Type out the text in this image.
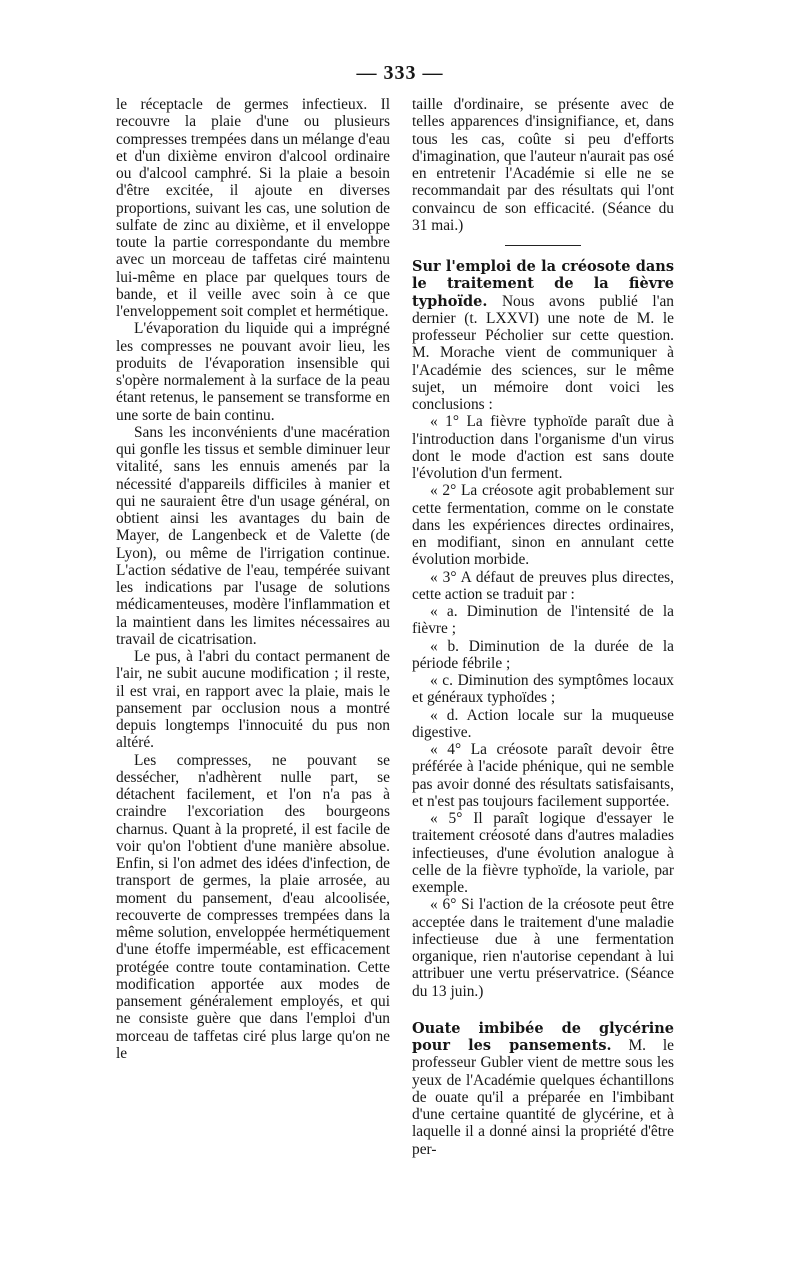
— 333 —

le réceptacle de germes infectieux. Il recouvre la plaie d'une ou plusieurs compresses trempées dans un mélange d'eau et d'un dixième environ d'alcool ordinaire ou d'alcool camphré. Si la plaie a besoin d'être excitée, il ajoute en diverses proportions, suivant les cas, une solution de sulfate de zinc au dixième, et il enveloppe toute la partie correspondante du membre avec un morceau de taffetas ciré maintenu lui-même en place par quelques tours de bande, et il veille avec soin à ce que l'enveloppement soit complet et hermétique.

L'évaporation du liquide qui a imprégné les compresses ne pouvant avoir lieu, les produits de l'évaporation insensible qui s'opère normalement à la surface de la peau étant retenus, le pansement se transforme en une sorte de bain continu.

Sans les inconvénients d'une macération qui gonfle les tissus et semble diminuer leur vitalité, sans les ennuis amenés par la nécessité d'appareils difficiles à manier et qui ne sauraient être d'un usage général, on obtient ainsi les avantages du bain de Mayer, de Langenbeck et de Valette (de Lyon), ou même de l'irrigation continue. L'action sédative de l'eau, tempérée suivant les indications par l'usage de solutions médicamenteuses, modère l'inflammation et la maintient dans les limites nécessaires au travail de cicatrisation.

Le pus, à l'abri du contact permanent de l'air, ne subit aucune modification ; il reste, il est vrai, en rapport avec la plaie, mais le pansement par occlusion nous a montré depuis longtemps l'innocuité du pus non altéré.

Les compresses, ne pouvant se dessécher, n'adhèrent nulle part, se détachent facilement, et l'on n'a pas à craindre l'excoriation des bourgeons charnus. Quant à la propreté, il est facile de voir qu'on l'obtient d'une manière absolue. Enfin, si l'on admet des idées d'infection, de transport de germes, la plaie arrosée, au moment du pansement, d'eau alcoolisée, recouverte de compresses trempées dans la même solution, enveloppée hermétiquement d'une étoffe imperméable, est efficacement protégée contre toute contamination. Cette modification apportée aux modes de pansement généralement employés, et qui ne consiste guère que dans l'emploi d'un morceau de taffetas ciré plus large qu'on ne le

taille d'ordinaire, se présente avec de telles apparences d'insignifiance, et, dans tous les cas, coûte si peu d'efforts d'imagination, que l'auteur n'aurait pas osé en entretenir l'Académie si elle ne se recommandait par des résultats qui l'ont convaincu de son efficacité. (Séance du 31 mai.)

Sur l'emploi de la créosote dans le traitement de la fièvre typhoïde. Nous avons publié l'an dernier (t. LXXVI) une note de M. le professeur Pécholier sur cette question. M. Morache vient de communiquer à l'Académie des sciences, sur le même sujet, un mémoire dont voici les conclusions :

« 1° La fièvre typhoïde paraît due à l'introduction dans l'organisme d'un virus dont le mode d'action est sans doute l'évolution d'un ferment.

« 2° La créosote agit probablement sur cette fermentation, comme on le constate dans les expériences directes ordinaires, en modifiant, sinon en annulant cette évolution morbide.

« 3° A défaut de preuves plus directes, cette action se traduit par :

« a. Diminution de l'intensité de la fièvre ;

« b. Diminution de la durée de la période fébrile ;

« c. Diminution des symptômes locaux et généraux typhoïdes ;

« d. Action locale sur la muqueuse digestive.

« 4° La créosote paraît devoir être préférée à l'acide phénique, qui ne semble pas avoir donné des résultats satisfaisants, et n'est pas toujours facilement supportée.

« 5° Il paraît logique d'essayer le traitement créosoté dans d'autres maladies infectieuses, d'une évolution analogue à celle de la fièvre typhoïde, la variole, par exemple.

« 6° Si l'action de la créosote peut être acceptée dans le traitement d'une maladie infectieuse due à une fermentation organique, rien n'autorise cependant à lui attribuer une vertu préservatrice. (Séance du 13 juin.)

Ouate imbibée de glycérine pour les pansements. M. le professeur Gubler vient de mettre sous les yeux de l'Académie quelques échantillons de ouate qu'il a préparée en l'imbibant d'une certaine quantité de glycérine, et à laquelle il a donné ainsi la propriété d'être per-
